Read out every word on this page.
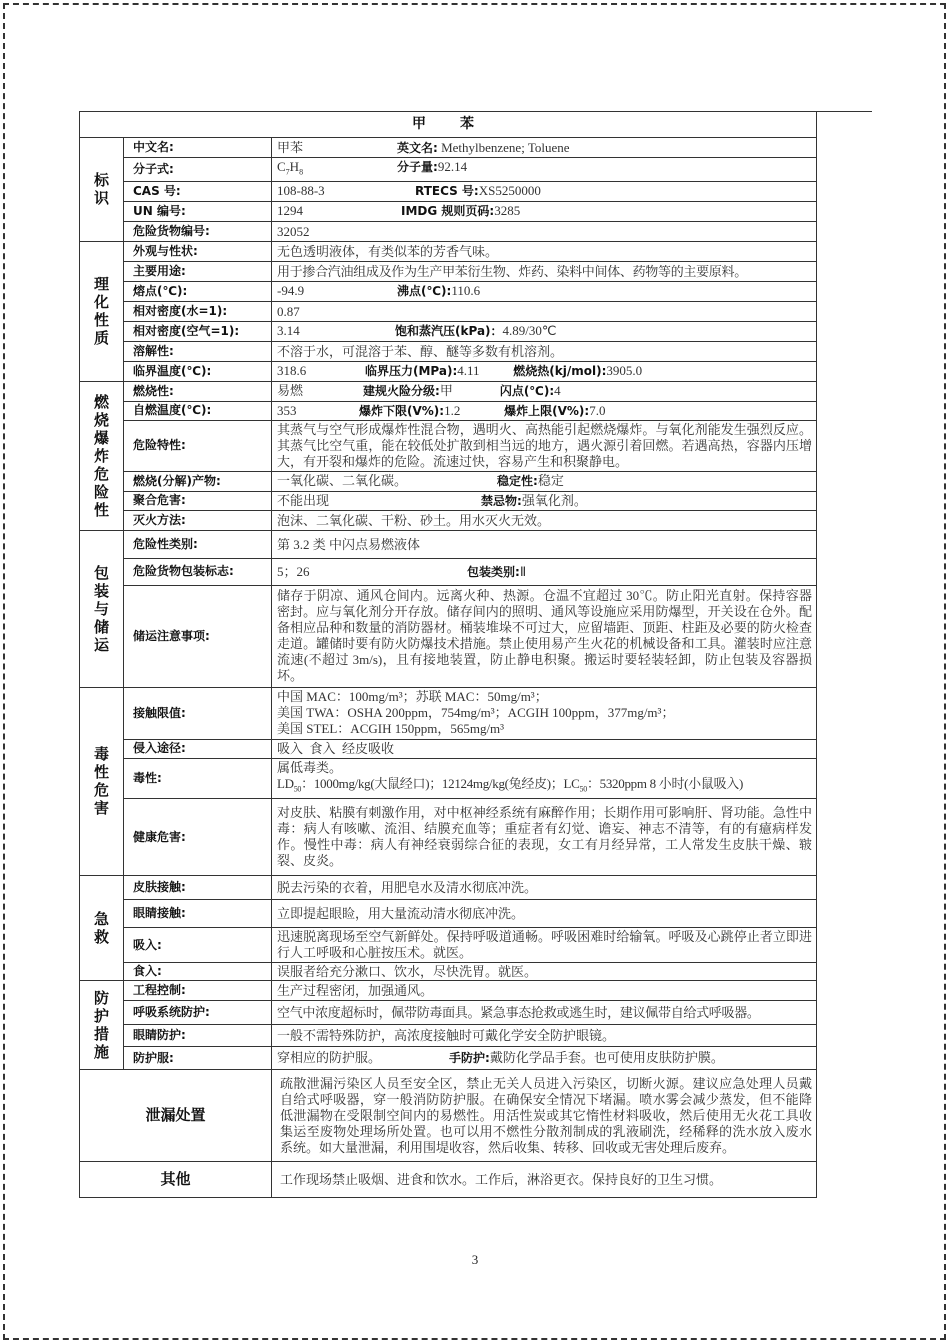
甲　苯		

标
识	中文名:	甲苯 英文名: Methylbenzene; Toluene
	分子式:	$C_7H_8$ 分子量:92.14
	CAS 号:	108-88-3 RTECS 号:XS5250000
	UN 编号:	1294 IMDG 规则页码:3285
	危险货物编号:	32052

理
化
性
质	外观与性状:	无色透明液体，有类似苯的芳香气味。
	主要用途:	用于掺合汽油组成及作为生产甲苯衍生物、炸药、染料中间体、药物等的主要原料。
	熔点(℃):	-94.9 沸点(℃):110.6
	相对密度(水=1):	0.87
	相对密度(空气=1):	3.14 饱和蒸汽压(kPa)：4.89/30℃
	溶解性:	不溶于水，可混溶于苯、醇、醚等多数有机溶剂。
	临界温度(℃):	318.6 临界压力(MPa):4.11 燃烧热(kj/mol):3905.0

燃
烧
爆
炸
危
险
性
	燃烧性:	易燃	建规火险分级:甲	闪点(℃):4
	自燃温度(℃):	353 爆炸下限(V%):1.2 爆炸上限(V%):7.0
	危险特性:	其蒸气与空气形成爆炸性混合物，遇明火、高热能引起燃烧爆炸。与氧化剂能发生强烈反应。其蒸气比空气重，能在较低处扩散到相当远的地方，遇火源引着回燃。若遇高热，容器内压增大，有开裂和爆炸的危险。流速过快，容易产生和积聚静电。
	燃烧(分解)产物:	一氧化碳、二氧化碳。 稳定性:稳定
	聚合危害:	不能出现 禁忌物:强氧化剂。
	灭火方法:	泡沫、二氧化碳、干粉、砂土。用水灭火无效。

包
装
与
储
运	危险性类别:	第 3.2 类 中闪点易燃液体
	危险货物包装标志:	5；26 包装类别:Ⅱ
	储运注意事项:	储存于阴凉、通风仓间内。远离火种、热源。仓温不宜超过 30℃。防止阳光直射。保持容器密封。应与氧化剂分开存放。储存间内的照明、通风等设施应采用防爆型，开关设在仓外。配备相应品种和数量的消防器材。桶装堆垛不可过大，应留墙距、顶距、柱距及必要的防火检查走道。罐储时要有防火防爆技术措施。禁止使用易产生火花的机械设备和工具。灌装时应注意流速(不超过 3m/s)，且有接地装置，防止静电积聚。搬运时要轻装轻卸，防止包装及容器损坏。

毒
性
危
害
	接触限值:	
中国 MAC：100mg/m³；苏联 MAC：50mg/m³；
美国 TWA：OSHA 200ppm，754mg/m³；ACGIH 100ppm，377mg/m³；
美国 STEL：ACGIH 150ppm，565mg/m³

	侵入途径:	吸入  食入  经皮吸收
	毒性:	属低毒类。
$LD_{50}$：1000mg/kg(大鼠经口)；12124mg/kg(兔经皮)；$LC_{50}$：5320ppm 8 小时(小鼠吸入)

	健康危害:	对皮肤、粘膜有刺激作用，对中枢神经系统有麻醉作用；长期作用可影响肝、肾功能。急性中毒：病人有咳嗽、流泪、结膜充血等；重症者有幻觉、谵妄、神志不清等，有的有癔病样发作。慢性中毒：病人有神经衰弱综合征的表现，女工有月经异常，工人常发生皮肤干燥、皲裂、皮炎。

急
救	皮肤接触:	脱去污染的衣着，用肥皂水及清水彻底冲洗。
	眼睛接触:	立即提起眼睑，用大量流动清水彻底冲洗。
	吸入:	迅速脱离现场至空气新鲜处。保持呼吸道通畅。呼吸困难时给输氧。呼吸及心跳停止者立即进行人工呼吸和心脏按压术。就医。
	食入:	误服者给充分漱口、饮水，尽快洗胃。就医。

防
护
措
施	工程控制:	生产过程密闭，加强通风。
	呼吸系统防护:	空气中浓度超标时，佩带防毒面具。紧急事态抢救或逃生时，建议佩带自给式呼吸器。
	眼睛防护:	一般不需特殊防护，高浓度接触时可戴化学安全防护眼镜。
	防护服:	穿相应的防护服。 手防护:戴防化学品手套。也可使用皮肤防护膜。
泄漏处置		疏散泄漏污染区人员至安全区，禁止无关人员进入污染区，切断火源。建议应急处理人员戴自给式呼吸器，穿一般消防防护服。在确保安全情况下堵漏。喷水雾会减少蒸发，但不能降低泄漏物在受限制空间内的易燃性。用活性炭或其它惰性材料吸收，然后使用无火花工具收集运至废物处理场所处置。也可以用不燃性分散剂制成的乳液刷洗，经稀释的洗水放入废水系统。如大量泄漏，利用围堤收容，然后收集、转移、回收或无害处理后废弃。
其他		工作现场禁止吸烟、进食和饮水。工作后，淋浴更衣。保持良好的卫生习惯。
3
